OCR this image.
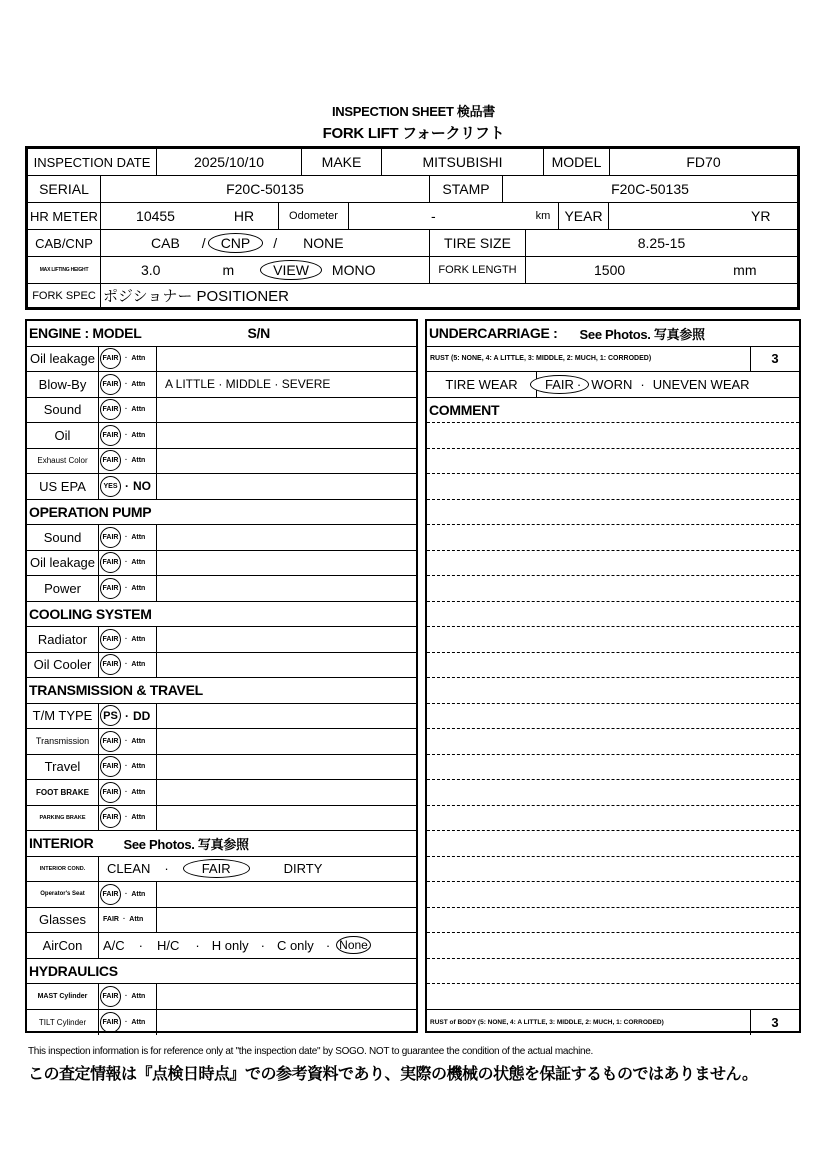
INSPECTION SHEET 検品書
FORK LIFT フォークリフト
INSPECTION DATE	2025/10/10	MAKE	MITSUBISHI	MODEL	FD70
SERIAL	F20C-50135	STAMP	F20C-50135
HR METER	10455	HR	Odometer	-	km	YEAR	YR
CAB/CNP	CAB /	CNP	/ NONE	TIRE SIZE	8.25-15
MAX LIFTING HEIGHT	3.0	m	VIEW	MONO	FORK LENGTH	1500	mm
FORK SPEC ポジショナー POSITIONER
ENGINE : MODEL	S/N
Oil leakage	FAIR · Attn
Blow-By	FAIR · Attn	A LITTLE · MIDDLE · SEVERE
Sound	FAIR · Attn
Oil	FAIR · Attn
Exhaust Color	FAIR · Attn
US EPA	YES · NO
OPERATION PUMP
Sound	FAIR · Attn
Oil leakage	FAIR · Attn
Power	FAIR · Attn
COOLING SYSTEM
Radiator	FAIR · Attn
Oil Cooler	FAIR · Attn
TRANSMISSION & TRAVEL
T/M TYPE PS · DD
Transmission	FAIR · Attn
Travel	FAIR · Attn
FOOT BRAKE	FAIR · Attn
PARKING BRAKE	FAIR · Attn
INTERIOR See Photos. 写真参照
INTERIOR COND.	CLEAN ·	FAIR	DIRTY
Operator's Seat	FAIR · Attn
Glasses	FAIR · Attn
AirCon	A/C · H/C · H only · C only · None
HYDRAULICS
MAST Cylinder	FAIR · Attn
TILT Cylinder	FAIR · Attn
UNDERCARRIAGE : See Photos. 写真参照
RUST (5: NONE, 4: A LITTLE, 3: MIDDLE, 2: MUCH, 1: CORRODED)	3
TIRE WEAR	FAIR · WORN · UNEVEN WEAR
COMMENT
RUST of BODY (5: NONE, 4: A LITTLE, 3: MIDDLE, 2: MUCH, 1: CORRODED)	3
This inspection information is for reference only at "the inspection date" by SOGO. NOT to guarantee the condition of the actual machine.
この査定情報は『点検日時点』での参考資料であり、実際の機械の状態を保証するものではありません。
